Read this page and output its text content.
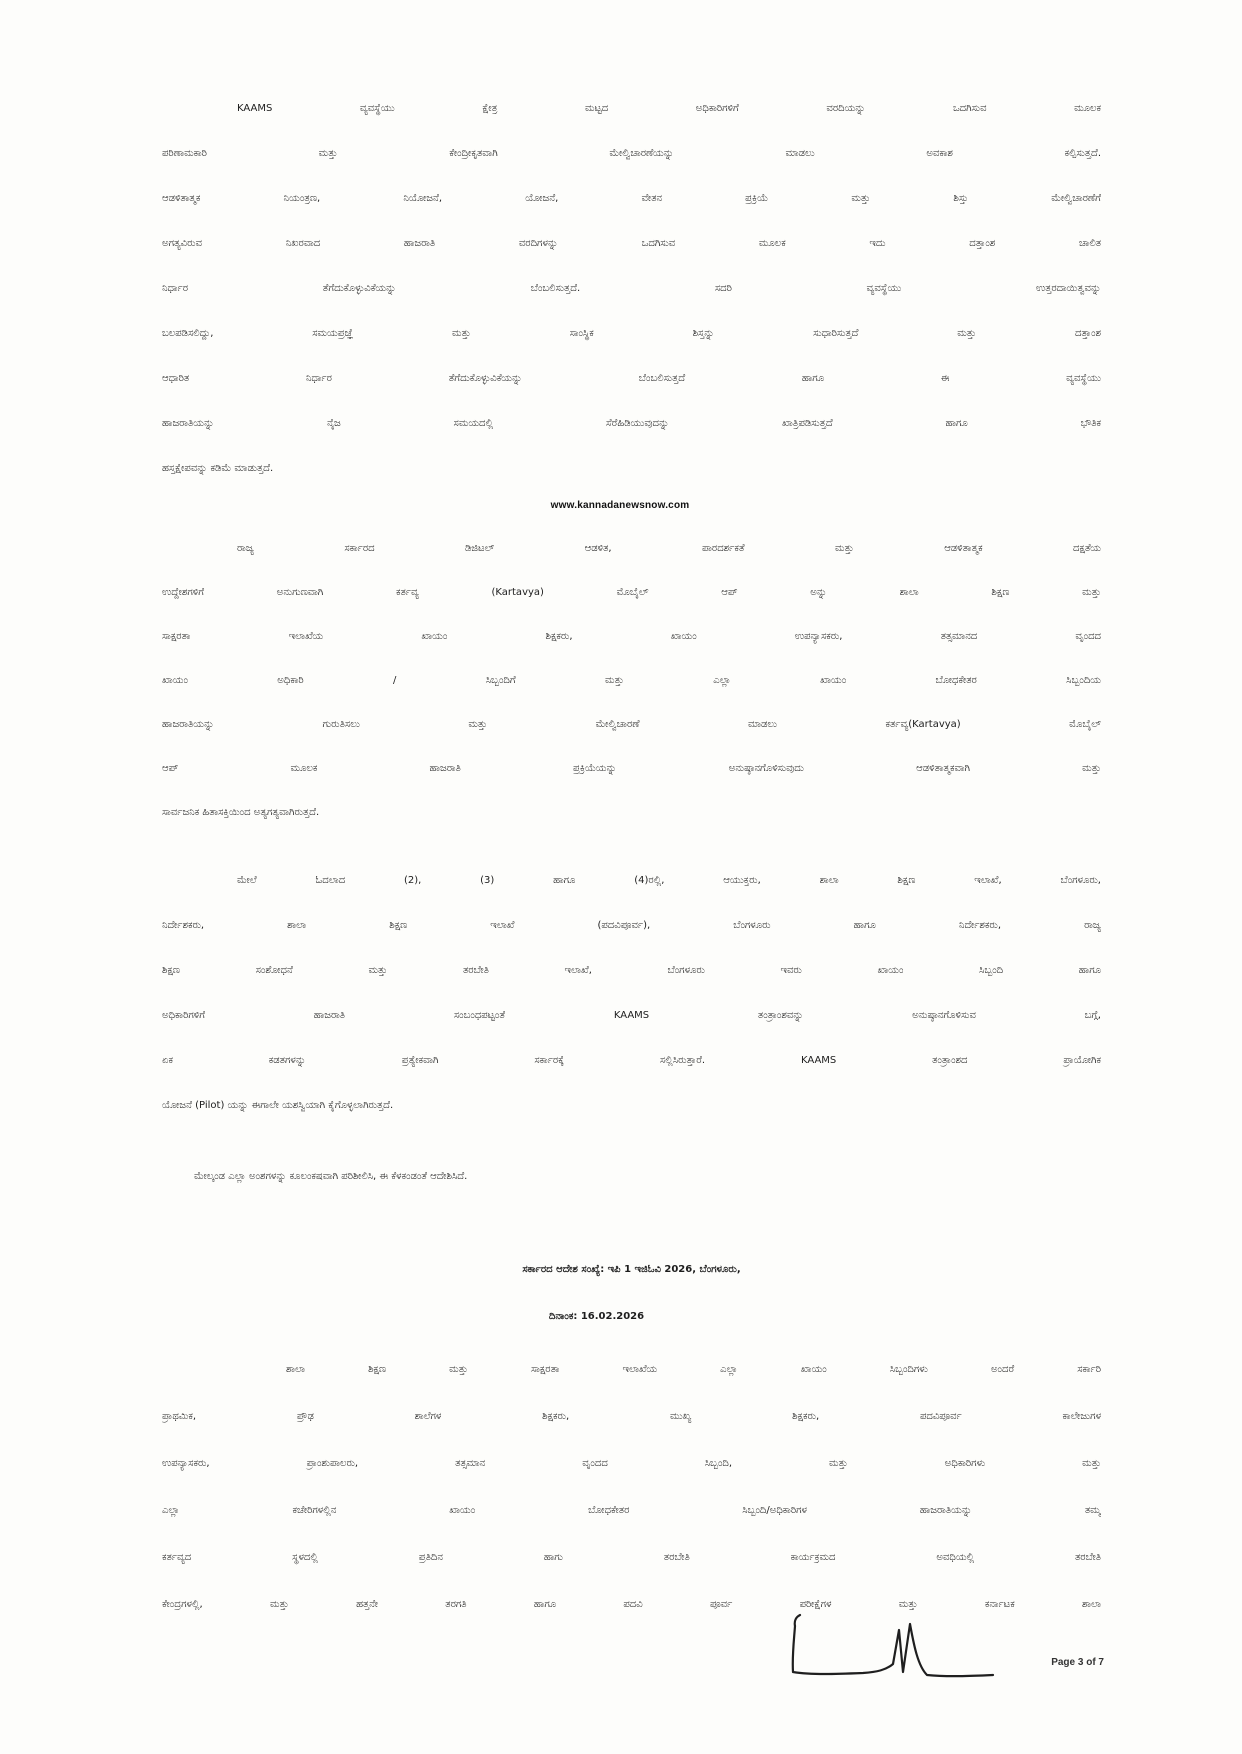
KAAMS ವ್ಯವಸ್ಥೆಯು ಕ್ಷೇತ್ರ ಮಟ್ಟದ ಅಧಿಕಾರಿಗಳಿಗೆ ವರದಿಯನ್ನು ಒದಗಿಸುವ ಮೂಲಕ
ಪರಿಣಾಮಕಾರಿ ಮತ್ತು ಕೇಂದ್ರೀಕೃತವಾಗಿ ಮೇಲ್ವಿಚಾರಣೆಯನ್ನು ಮಾಡಲು ಅವಕಾಶ ಕಲ್ಪಿಸುತ್ತದೆ.
ಆಡಳಿತಾತ್ಮಕ ನಿಯಂತ್ರಣ, ನಿಯೋಜನೆ, ಯೋಜನೆ, ವೇತನ ಪ್ರಕ್ರಿಯೆ ಮತ್ತು ಶಿಸ್ತು ಮೇಲ್ವಿಚಾರಣೆಗೆ
ಅಗತ್ಯವಿರುವ ನಿಖರವಾದ ಹಾಜರಾತಿ ವರದಿಗಳನ್ನು ಒದಗಿಸುವ ಮೂಲಕ ಇದು ದತ್ತಾಂಶ ಚಾಲಿತ
ನಿರ್ಧಾರ ತೆಗೆದುಕೊಳ್ಳುವಿಕೆಯನ್ನು ಬೆಂಬಲಿಸುತ್ತದೆ. ಸದರಿ ವ್ಯವಸ್ಥೆಯು ಉತ್ತರದಾಯಿತ್ವವನ್ನು
ಬಲಪಡಿಸಲಿದ್ದು, ಸಮಯಪ್ರಜ್ಞೆ ಮತ್ತು ಸಾಂಸ್ಥಿಕ ಶಿಸ್ತನ್ನು ಸುಧಾರಿಸುತ್ತದೆ ಮತ್ತು ದತ್ತಾಂಶ
ಆಧಾರಿತ ನಿರ್ಧಾರ ತೆಗೆದುಕೊಳ್ಳುವಿಕೆಯನ್ನು ಬೆಂಬಲಿಸುತ್ತದೆ ಹಾಗೂ ಈ ವ್ಯವಸ್ಥೆಯು
ಹಾಜರಾತಿಯನ್ನು ನೈಜ ಸಮಯದಲ್ಲಿ ಸೆರೆಹಿಡಿಯುವುದನ್ನು ಖಾತ್ರಿಪಡಿಸುತ್ತದೆ ಹಾಗೂ ಭೌತಿಕ
ಹಸ್ತಕ್ಷೇಪವನ್ನು ಕಡಿಮೆ ಮಾಡುತ್ತದೆ.
www.kannadanewsnow.com
ರಾಜ್ಯ ಸರ್ಕಾರದ ಡಿಜಿಟಲ್ ಆಡಳಿತ, ಪಾರದರ್ಶಕತೆ ಮತ್ತು ಆಡಳಿತಾತ್ಮಕ ದಕ್ಷತೆಯ
ಉದ್ದೇಶಗಳಿಗೆ ಅನುಗುಣವಾಗಿ ಕರ್ತವ್ಯ (Kartavya) ಮೊಬೈಲ್ ಆಪ್ ಅನ್ನು ಶಾಲಾ ಶಿಕ್ಷಣ ಮತ್ತು
ಸಾಕ್ಷರತಾ ಇಲಾಖೆಯ ಖಾಯಂ ಶಿಕ್ಷಕರು, ಖಾಯಂ ಉಪನ್ಯಾಸಕರು, ತತ್ಸಮಾನದ ವೃಂದದ
ಖಾಯಂ ಅಧಿಕಾರಿ / ಸಿಬ್ಬಂದಿಗೆ ಮತ್ತು ಎಲ್ಲಾ ಖಾಯಂ ಬೋಧಕೇತರ ಸಿಬ್ಬಂದಿಯ
ಹಾಜರಾತಿಯನ್ನು ಗುರುತಿಸಲು ಮತ್ತು ಮೇಲ್ವಿಚಾರಣೆ ಮಾಡಲು ಕರ್ತವ್ಯ(Kartavya) ಮೊಬೈಲ್
ಆಪ್ ಮೂಲಕ ಹಾಜರಾತಿ ಪ್ರಕ್ರಿಯೆಯನ್ನು ಅನುಷ್ಠಾನಗೊಳಿಸುವುದು ಆಡಳಿತಾತ್ಮಕವಾಗಿ ಮತ್ತು
ಸಾರ್ವಜನಿಕ ಹಿತಾಸಕ್ತಿಯಿಂದ ಅತ್ಯಗತ್ಯವಾಗಿರುತ್ತದೆ.
ಮೇಲೆ ಓದಲಾದ (2), (3) ಹಾಗೂ (4)ರಲ್ಲಿ, ಆಯುಕ್ತರು, ಶಾಲಾ ಶಿಕ್ಷಣ ಇಲಾಖೆ, ಬೆಂಗಳೂರು,
ನಿರ್ದೇಶಕರು, ಶಾಲಾ ಶಿಕ್ಷಣ ಇಲಾಖೆ (ಪದವಿಪೂರ್ವ), ಬೆಂಗಳೂರು ಹಾಗೂ ನಿರ್ದೇಶಕರು, ರಾಜ್ಯ
ಶಿಕ್ಷಣ ಸಂಶೋಧನೆ ಮತ್ತು ತರಬೇತಿ ಇಲಾಖೆ, ಬೆಂಗಳೂರು ಇವರು ಖಾಯಂ ಸಿಬ್ಬಂದಿ ಹಾಗೂ
ಅಧಿಕಾರಿಗಳಿಗೆ ಹಾಜರಾತಿ ಸಂಬಂಧಪಟ್ಟಂತೆ KAAMS ತಂತ್ರಾಂಶವನ್ನು ಅನುಷ್ಠಾನಗೊಳಿಸುವ ಬಗ್ಗೆ,
ಏಕ ಕಡತಗಳನ್ನು ಪ್ರತ್ಯೇಕವಾಗಿ ಸರ್ಕಾರಕ್ಕೆ ಸಲ್ಲಿಸಿರುತ್ತಾರೆ. KAAMS ತಂತ್ರಾಂಶದ ಪ್ರಾಯೋಗಿಕ
ಯೋಜನೆ (Pilot) ಯನ್ನು ಈಗಾಲೇ ಯಶಸ್ವಿಯಾಗಿ ಕೈಗೊಳ್ಳಲಾಗಿರುತ್ತದೆ.
ಮೇಲ್ಕಂಡ ಎಲ್ಲಾ ಅಂಶಗಳನ್ನು ಕೂಲಂಕಷವಾಗಿ ಪರಿಶೀಲಿಸಿ, ಈ ಕೆಳಕಂಡಂತೆ ಆದೇಶಿಸಿದೆ.
ಸರ್ಕಾರದ ಆದೇಶ ಸಂಖ್ಯೆ: ಇಪಿ 1 ಇಜಿಓವಿ 2026, ಬೆಂಗಳೂರು,
ದಿನಾಂಕ: 16.02.2026
ಶಾಲಾ ಶಿಕ್ಷಣ ಮತ್ತು ಸಾಕ್ಷರತಾ ಇಲಾಖೆಯ ಎಲ್ಲಾ ಖಾಯಂ ಸಿಬ್ಬಂದಿಗಳು ಅಂದರೆ ಸರ್ಕಾರಿ
ಪ್ರಾಥಮಿಕ, ಪ್ರೌಢ ಶಾಲೆಗಳ ಶಿಕ್ಷಕರು, ಮುಖ್ಯ ಶಿಕ್ಷಕರು, ಪದವಿಪೂರ್ವ ಕಾಲೇಜುಗಳ
ಉಪನ್ಯಾಸಕರು, ಪ್ರಾಂಶುಪಾಲರು, ತತ್ಸಮಾನ ವೃಂದದ ಸಿಬ್ಬಂದಿ, ಮತ್ತು ಅಧಿಕಾರಿಗಳು ಮತ್ತು
ಎಲ್ಲಾ ಕಚೇರಿಗಳಲ್ಲಿನ ಖಾಯಂ ಬೋಧಕೇತರ ಸಿಬ್ಬಂದಿ/ಅಧಿಕಾರಿಗಳ ಹಾಜರಾತಿಯನ್ನು ತಮ್ಮ
ಕರ್ತವ್ಯದ ಸ್ಥಳದಲ್ಲಿ ಪ್ರತಿದಿನ ಹಾಗು ತರಬೇತಿ ಕಾರ್ಯಕ್ರಮದ ಅವಧಿಯಲ್ಲಿ ತರಬೇತಿ
ಕೇಂದ್ರಗಳಲ್ಲಿ, ಮತ್ತು ಹತ್ತನೇ ತರಗತಿ ಹಾಗೂ ಪದವಿ ಪೂರ್ವ ಪರೀಕ್ಷೆಗಳ ಮತ್ತು ಕರ್ನಾಟಕ ಶಾಲಾ
Page 3 of 7
